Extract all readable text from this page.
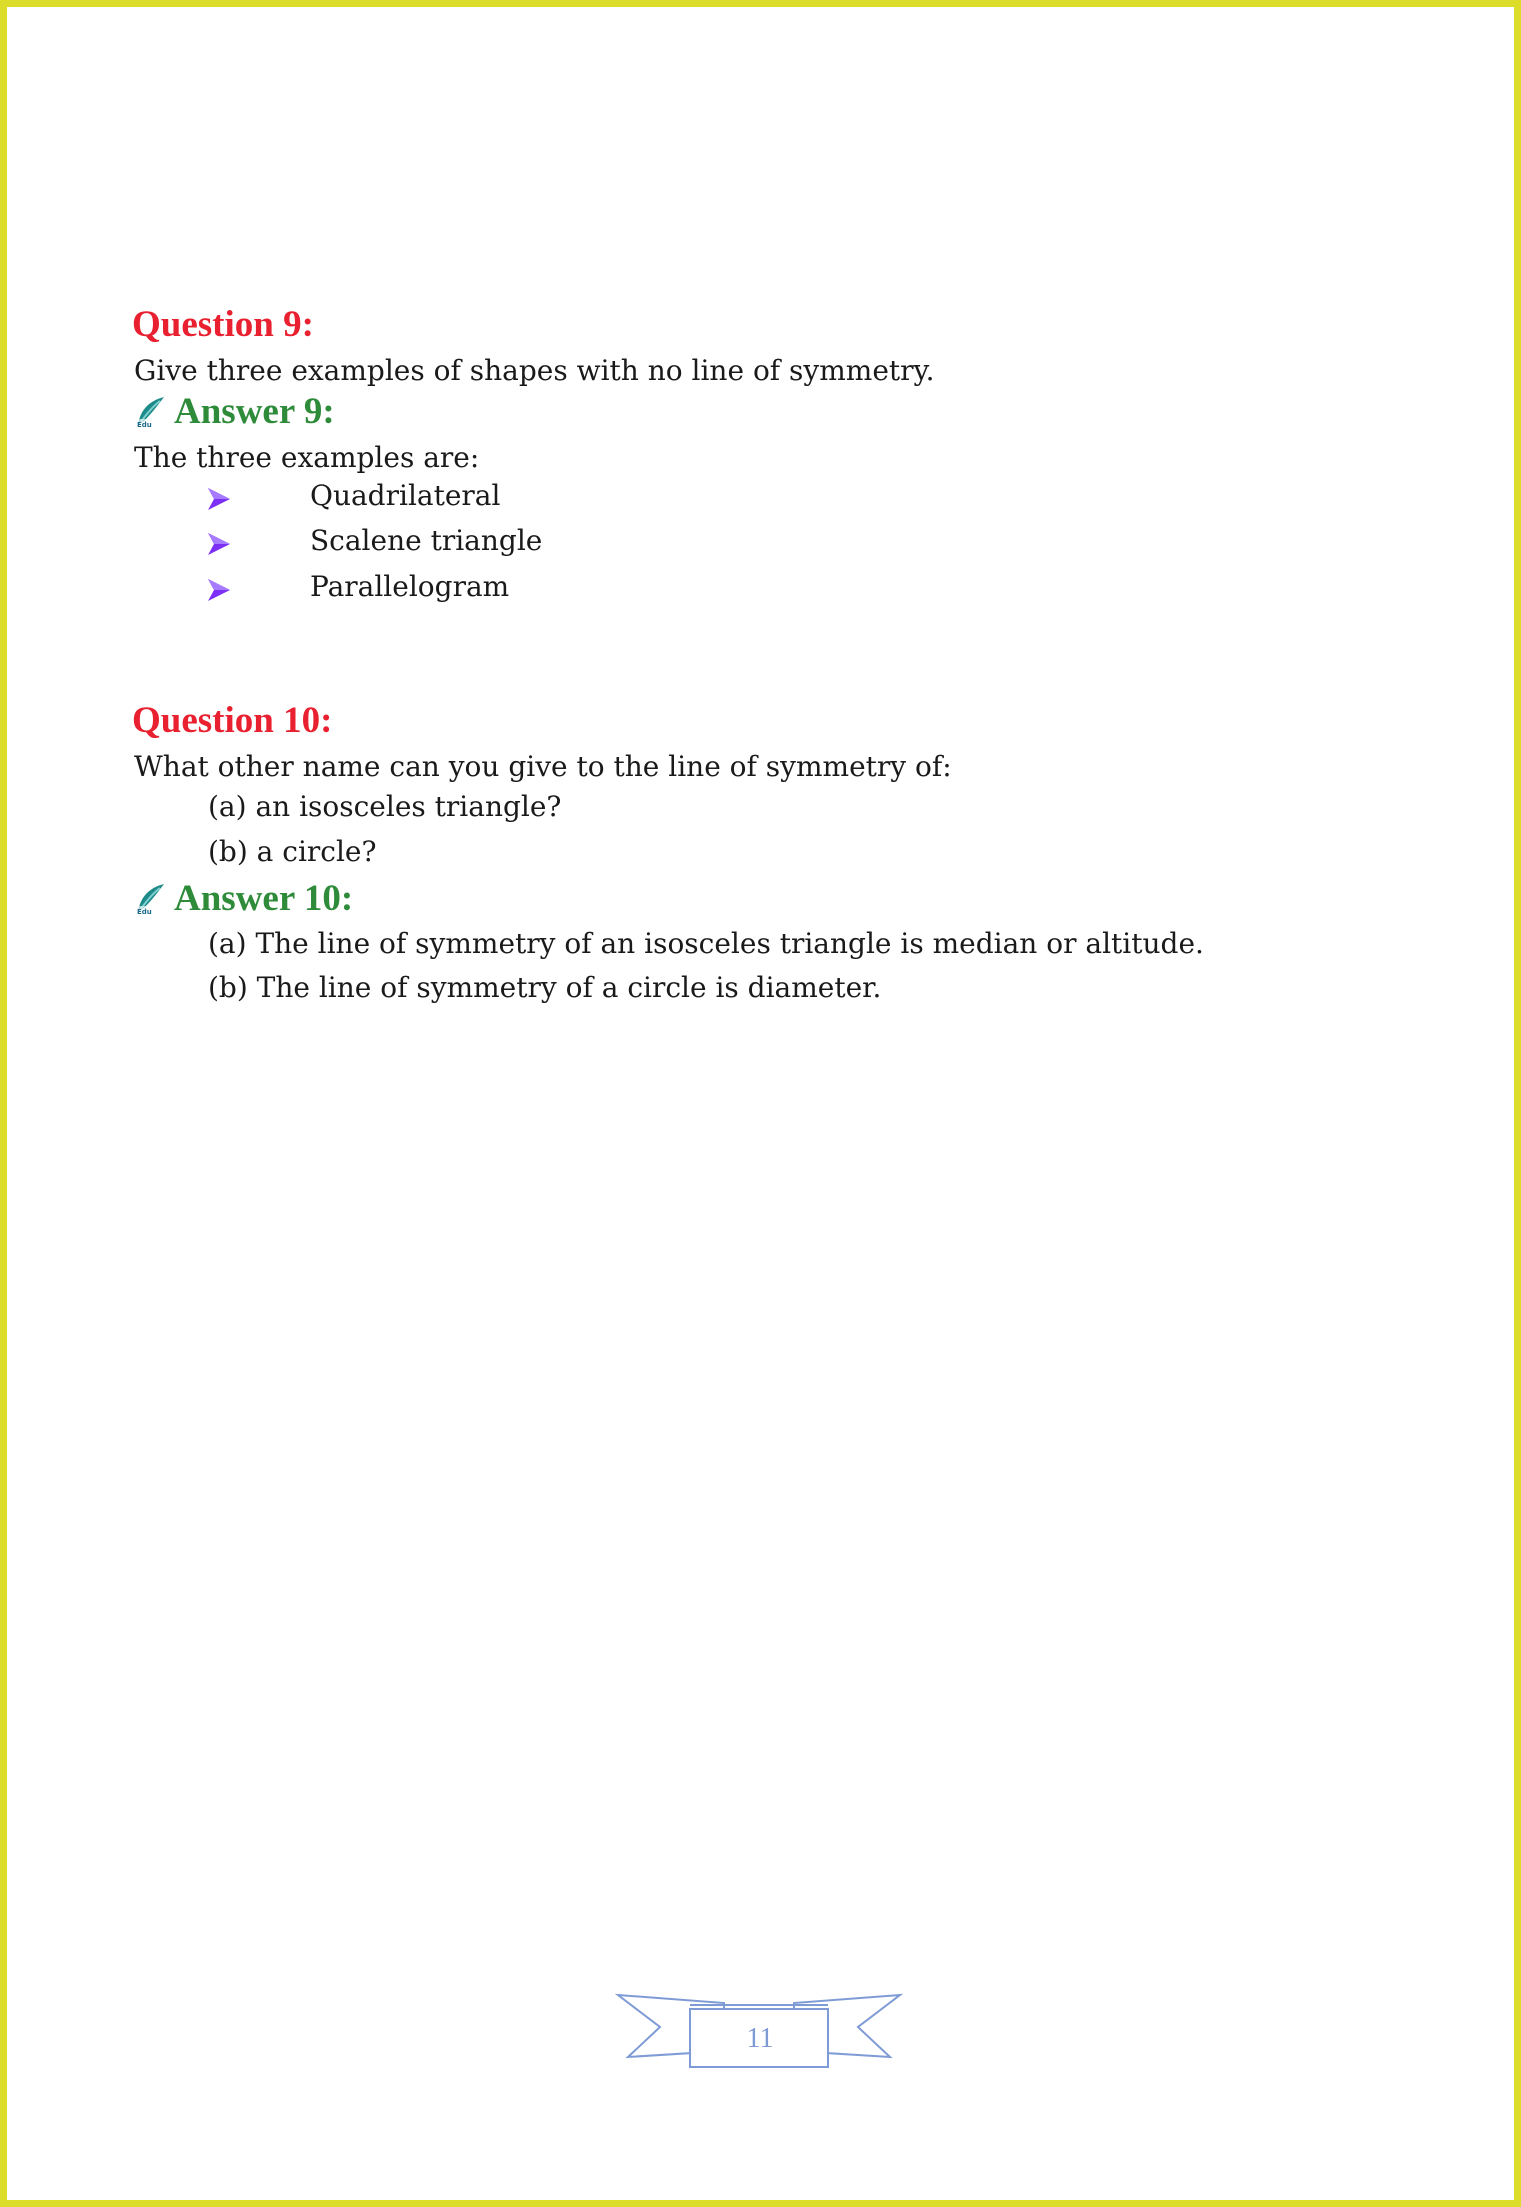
Question 9:
Give three examples of shapes with no line of symmetry.
Edu Answer 9:
The three examples are:
Quadrilateral
Scalene triangle
Parallelogram
Question 10:
What other name can you give to the line of symmetry of:
(a) an isosceles triangle?
(b) a circle?
Edu Answer 10:
(a) The line of symmetry of an isosceles triangle is median or altitude.
(b) The line of symmetry of a circle is diameter.
11
